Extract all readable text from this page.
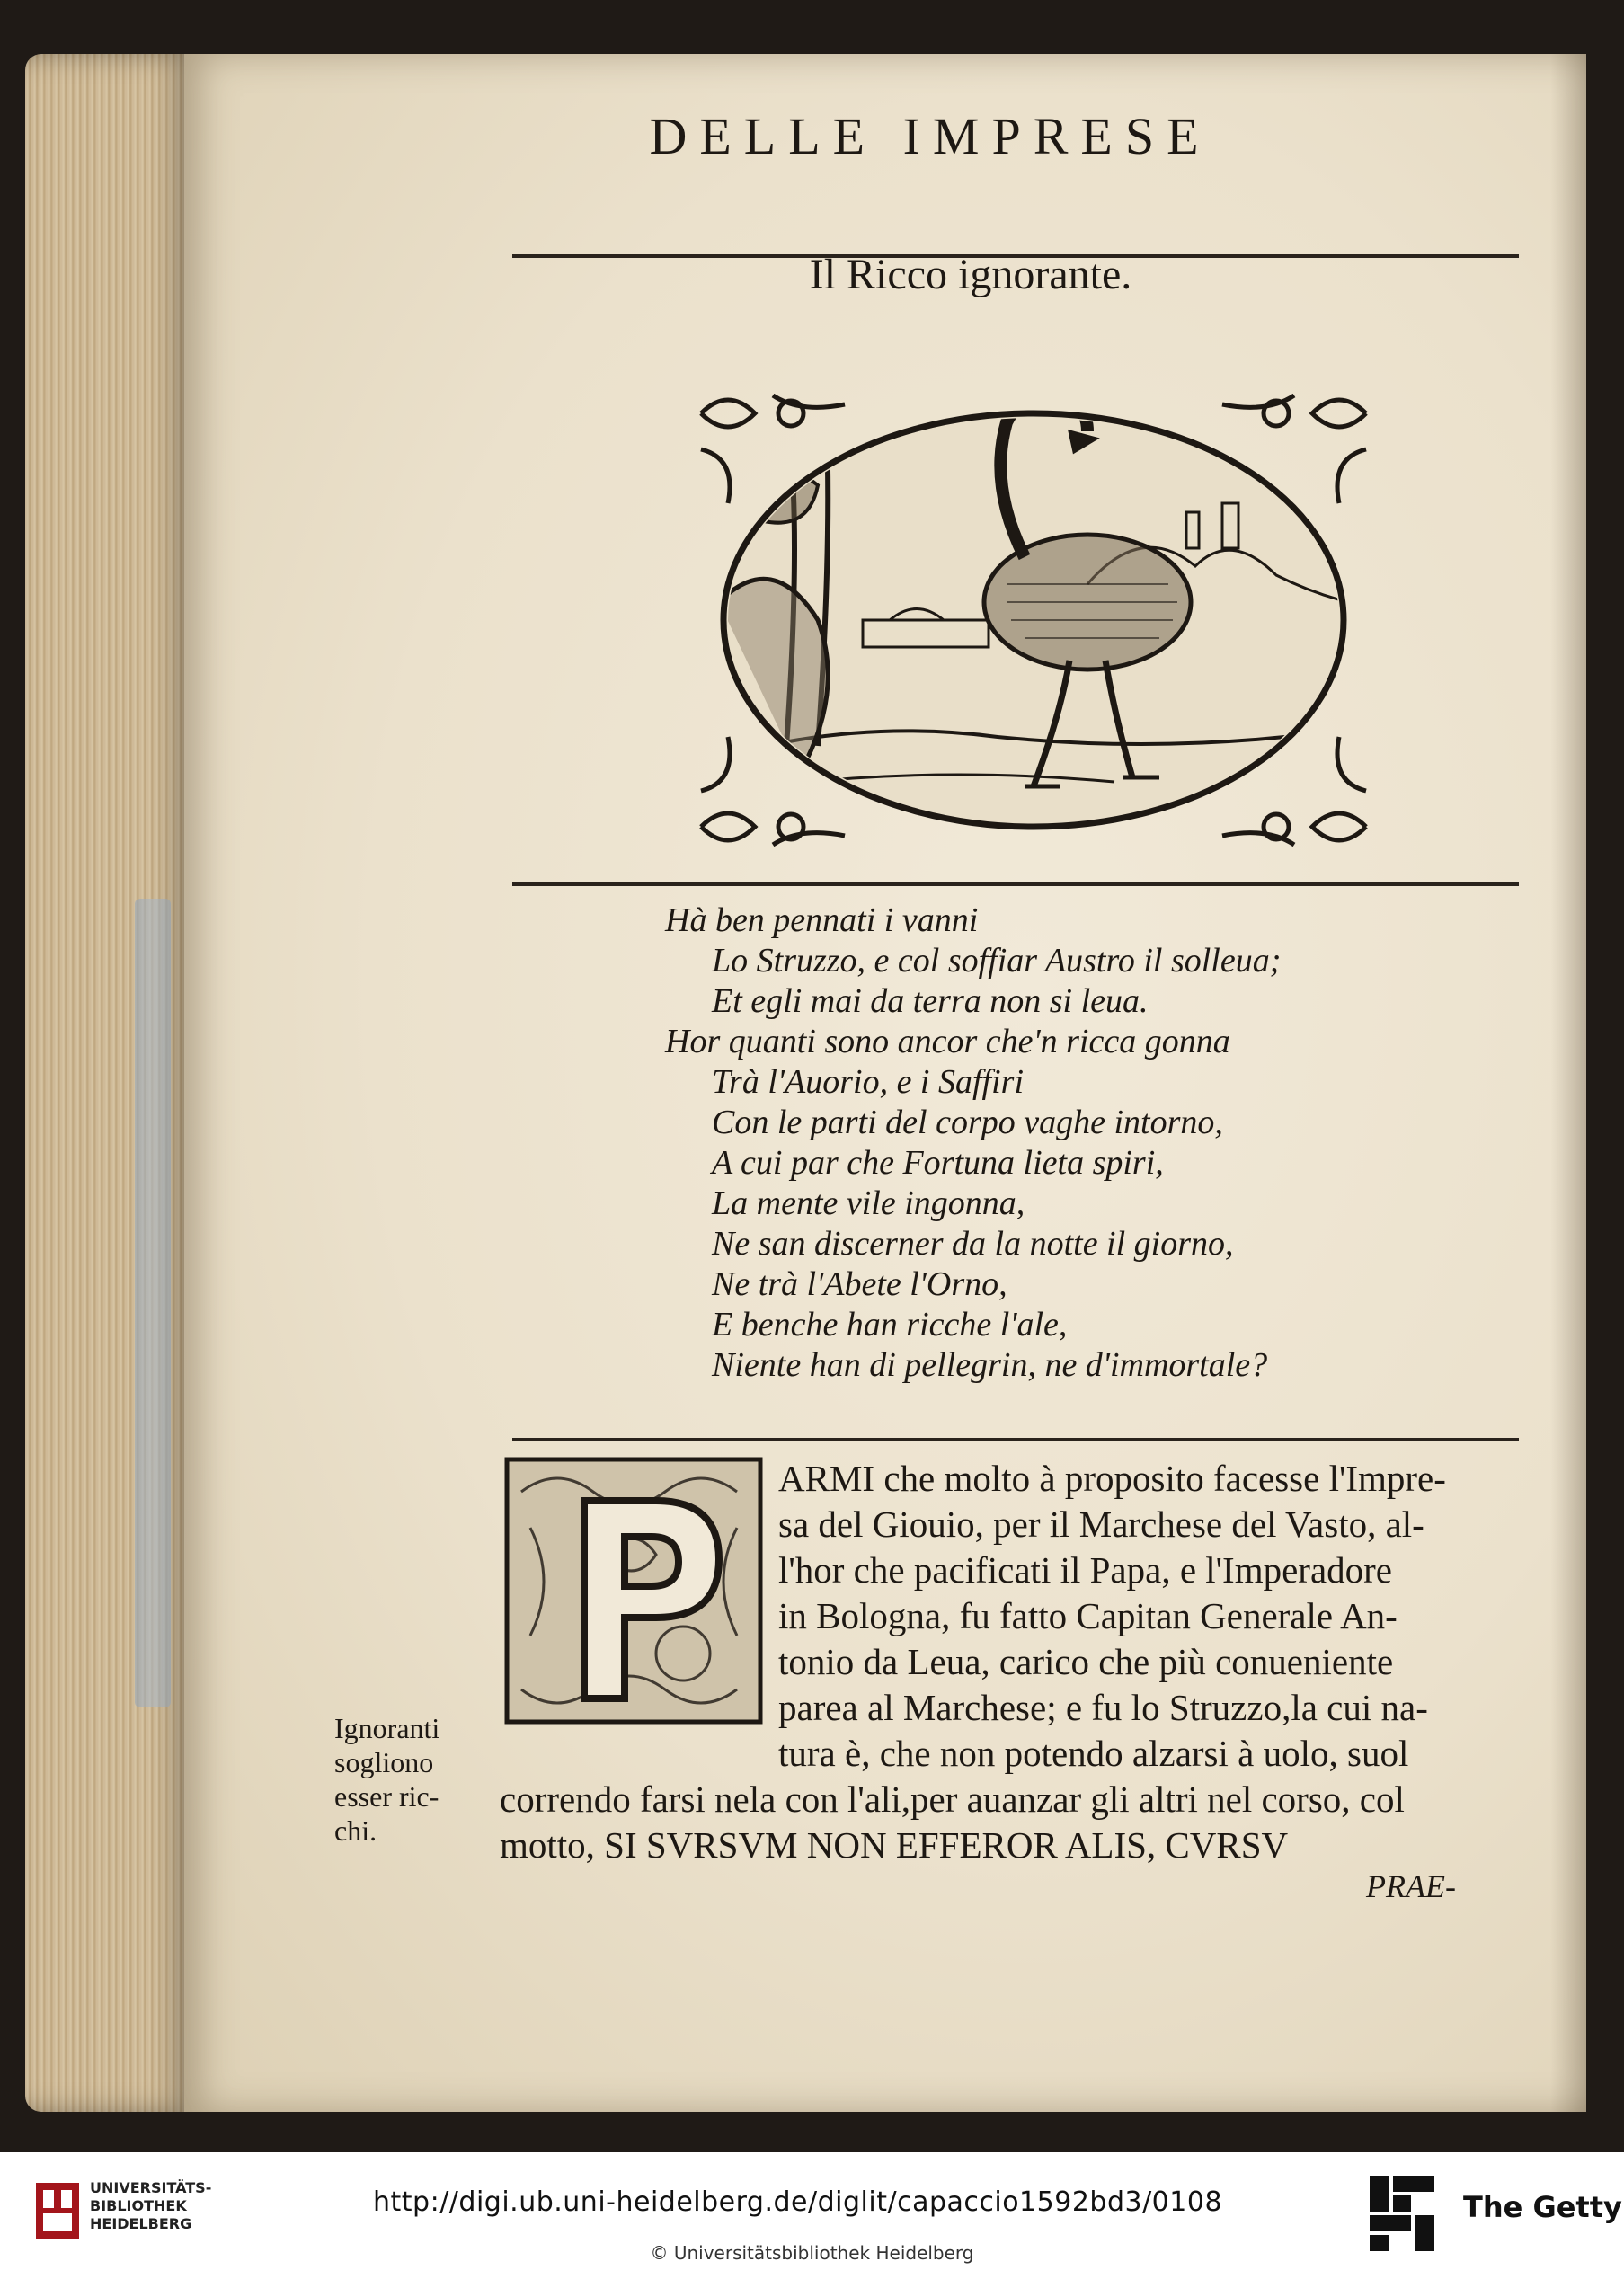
DELLE IMPRESE
Il Ricco ignorante.
Hà ben pennati i vanni
Lo Struzzo, e col soffiar Austro il solleua;
Et egli mai da terra non si leua.
Hor quanti sono ancor che'n ricca gonna
Trà l'Auorio, e i Saffiri
Con le parti del corpo vaghe intorno,
A cui par che Fortuna lieta spiri,
La mente vile ingonna,
Ne san discerner da la notte il giorno,
Ne trà l'Abete l'Orno,
E benche han ricche l'ale,
Niente han di pellegrin, ne d'immortale?
ARMI che molto à proposito facesse l'Impre-
sa del Giouio, per il Marchese del Vasto, al-
l'hor che pacificati il Papa, e l'Imperadore
in Bologna, fu fatto Capitan Generale An-
tonio da Leua, carico che più conueniente
parea al Marchese; e fu lo Struzzo,la cui na-
tura è, che non potendo alzarsi à uolo, suol
correndo farsi nela con l'ali,per auanzar gli altri nel corso, col
motto, SI SVRSVM NON EFFEROR ALIS, CVRSV
Ignoranti
sogliono
esser ric-
chi.
PRAE-
UNIVERSITÄTS-
BIBLIOTHEK
HEIDELBERG
http://digi.ub.uni-heidelberg.de/diglit/capaccio1592bd3/0108
© Universitätsbibliothek Heidelberg
The Getty
